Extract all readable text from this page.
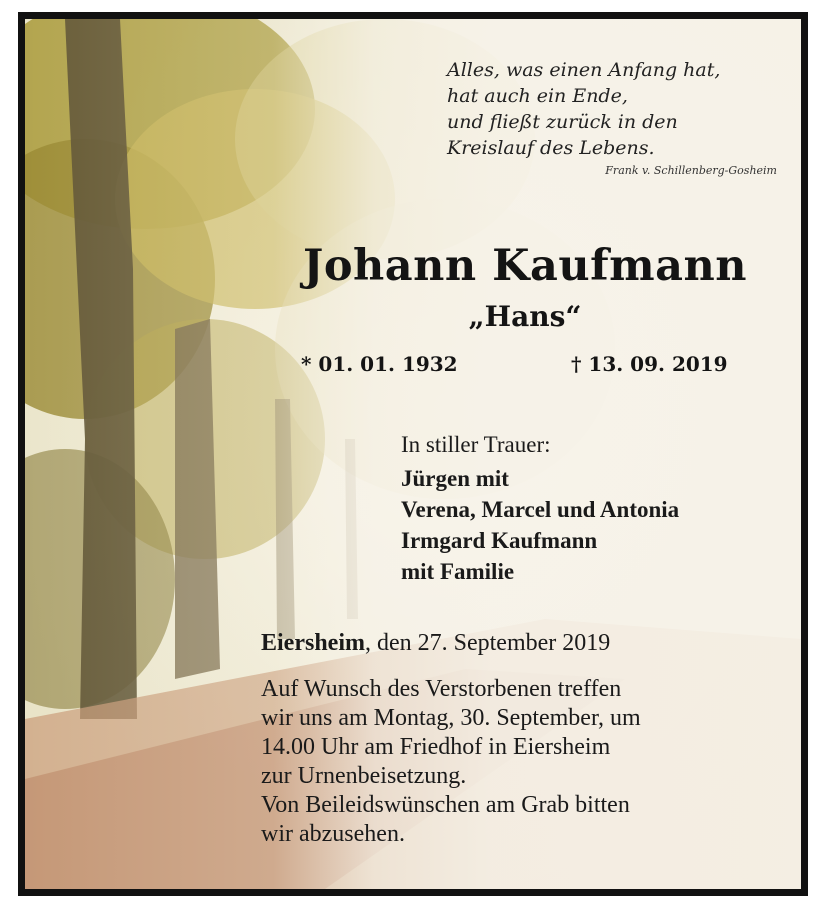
Alles, was einen Anfang hat,
hat auch ein Ende,
und fließt zurück in den
Kreislauf des Lebens.
Frank v. Schillenberg-Gosheim
Johann Kaufmann
„Hans“
* 01. 01. 1932	† 13. 09. 2019
In stiller Trauer:
Jürgen mit
Verena, Marcel und Antonia
Irmgard Kaufmann
mit Familie
Eiersheim, den 27. September 2019
Auf Wunsch des Verstorbenen treffen
wir uns am Montag, 30. September, um
14.00 Uhr am Friedhof in Eiersheim
zur Urnenbeisetzung.
Von Beileidswünschen am Grab bitten
wir abzusehen.
